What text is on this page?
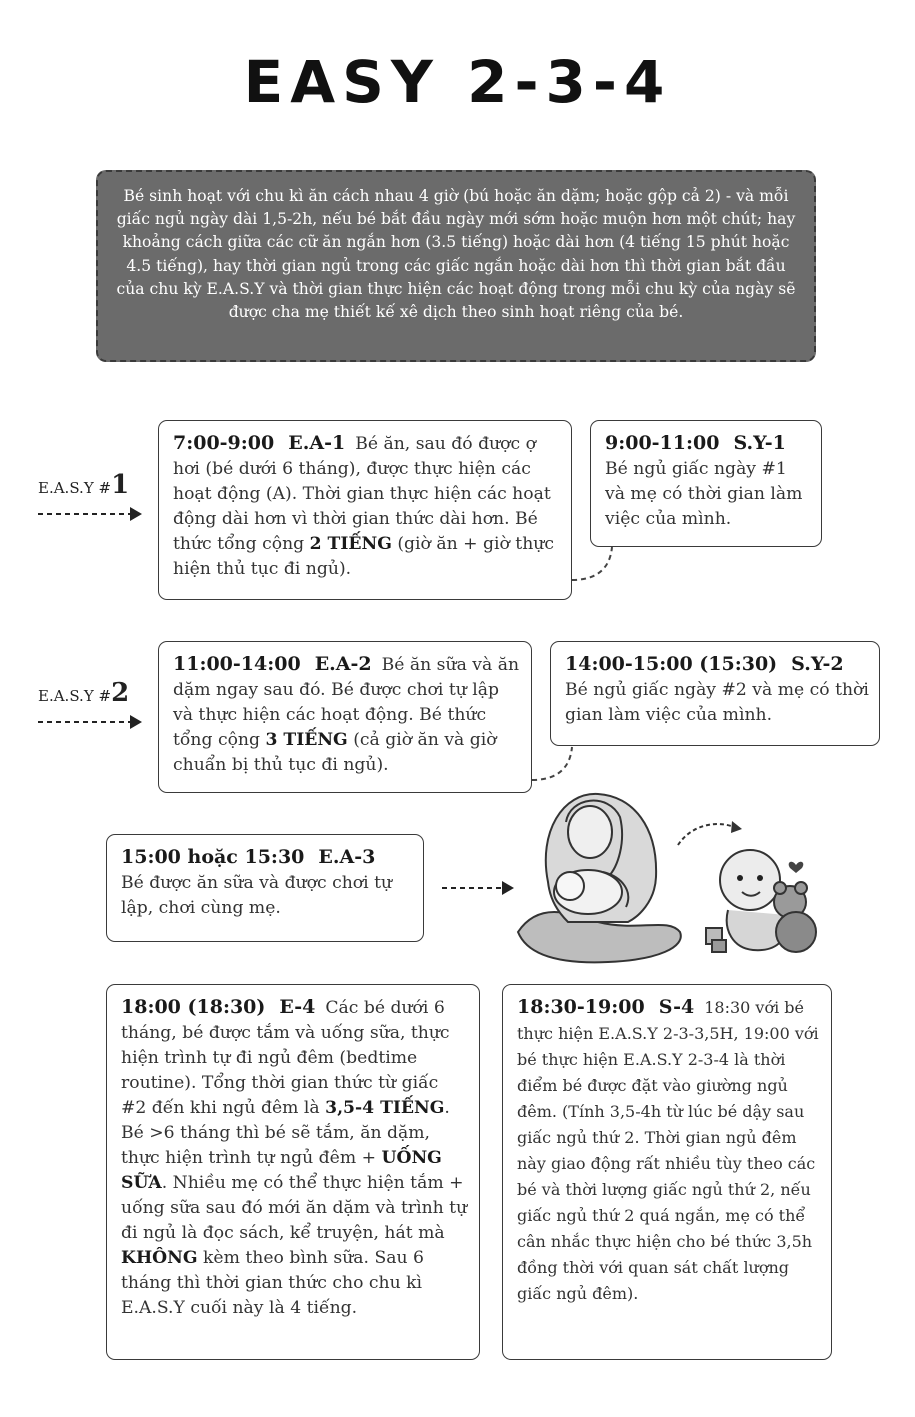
EASY 2-3-4
Bé sinh hoạt với chu kì ăn cách nhau 4 giờ (bú hoặc ăn dặm; hoặc gộp cả 2) - và mỗi giấc ngủ ngày dài 1,5-2h, nếu bé bắt đầu ngày mới sớm hoặc muộn hơn một chút; hay khoảng cách giữa các cữ ăn ngắn hơn (3.5 tiếng) hoặc dài hơn (4 tiếng 15 phút hoặc 4.5 tiếng), hay thời gian ngủ trong các giấc ngắn hoặc dài hơn thì thời gian bắt đầu của chu kỳ E.A.S.Y và thời gian thực hiện các hoạt động trong mỗi chu kỳ của ngày sẽ được cha mẹ thiết kế xê dịch theo sinh hoạt riêng của bé.
E.A.S.Y #1
7:00-9:00 E.A-1 Bé ăn, sau đó được ợ hơi (bé dưới 6 tháng), được thực hiện các hoạt động (A). Thời gian thực hiện các hoạt động dài hơn vì thời gian thức dài hơn. Bé thức tổng cộng 2 TIẾNG (giờ ăn + giờ thực hiện thủ tục đi ngủ).
9:00-11:00 S.Y-1
Bé ngủ giấc ngày #1 và mẹ có thời gian làm việc của mình.
E.A.S.Y #2
11:00-14:00 E.A-2 Bé ăn sữa và ăn dặm ngay sau đó. Bé được chơi tự lập và thực hiện các hoạt động. Bé thức tổng cộng 3 TIẾNG (cả giờ ăn và giờ chuẩn bị thủ tục đi ngủ).
14:00-15:00 (15:30) S.Y-2
Bé ngủ giấc ngày #2 và mẹ có thời gian làm việc của mình.
15:00 hoặc 15:30 E.A-3
Bé được ăn sữa và được chơi tự lập, chơi cùng mẹ.
18:00 (18:30) E-4 Các bé dưới 6 tháng, bé được tắm và uống sữa, thực hiện trình tự đi ngủ đêm (bedtime routine). Tổng thời gian thức từ giấc #2 đến khi ngủ đêm là 3,5-4 TIẾNG. Bé >6 tháng thì bé sẽ tắm, ăn dặm, thực hiện trình tự ngủ đêm + UỐNG SỮA. Nhiều mẹ có thể thực hiện tắm + uống sữa sau đó mới ăn dặm và trình tự đi ngủ là đọc sách, kể truyện, hát mà KHÔNG kèm theo bình sữa. Sau 6 tháng thì thời gian thức cho chu kì E.A.S.Y cuối này là 4 tiếng.
18:30-19:00 S-4 18:30 với bé thực hiện E.A.S.Y 2-3-3,5H, 19:00 với bé thực hiện E.A.S.Y 2-3-4 là thời điểm bé được đặt vào giường ngủ đêm. (Tính 3,5-4h từ lúc bé dậy sau giấc ngủ thứ 2. Thời gian ngủ đêm này giao động rất nhiều tùy theo các bé và thời lượng giấc ngủ thứ 2, nếu giấc ngủ thứ 2 quá ngắn, mẹ có thể cân nhắc thực hiện cho bé thức 3,5h đồng thời với quan sát chất lượng giấc ngủ đêm).
